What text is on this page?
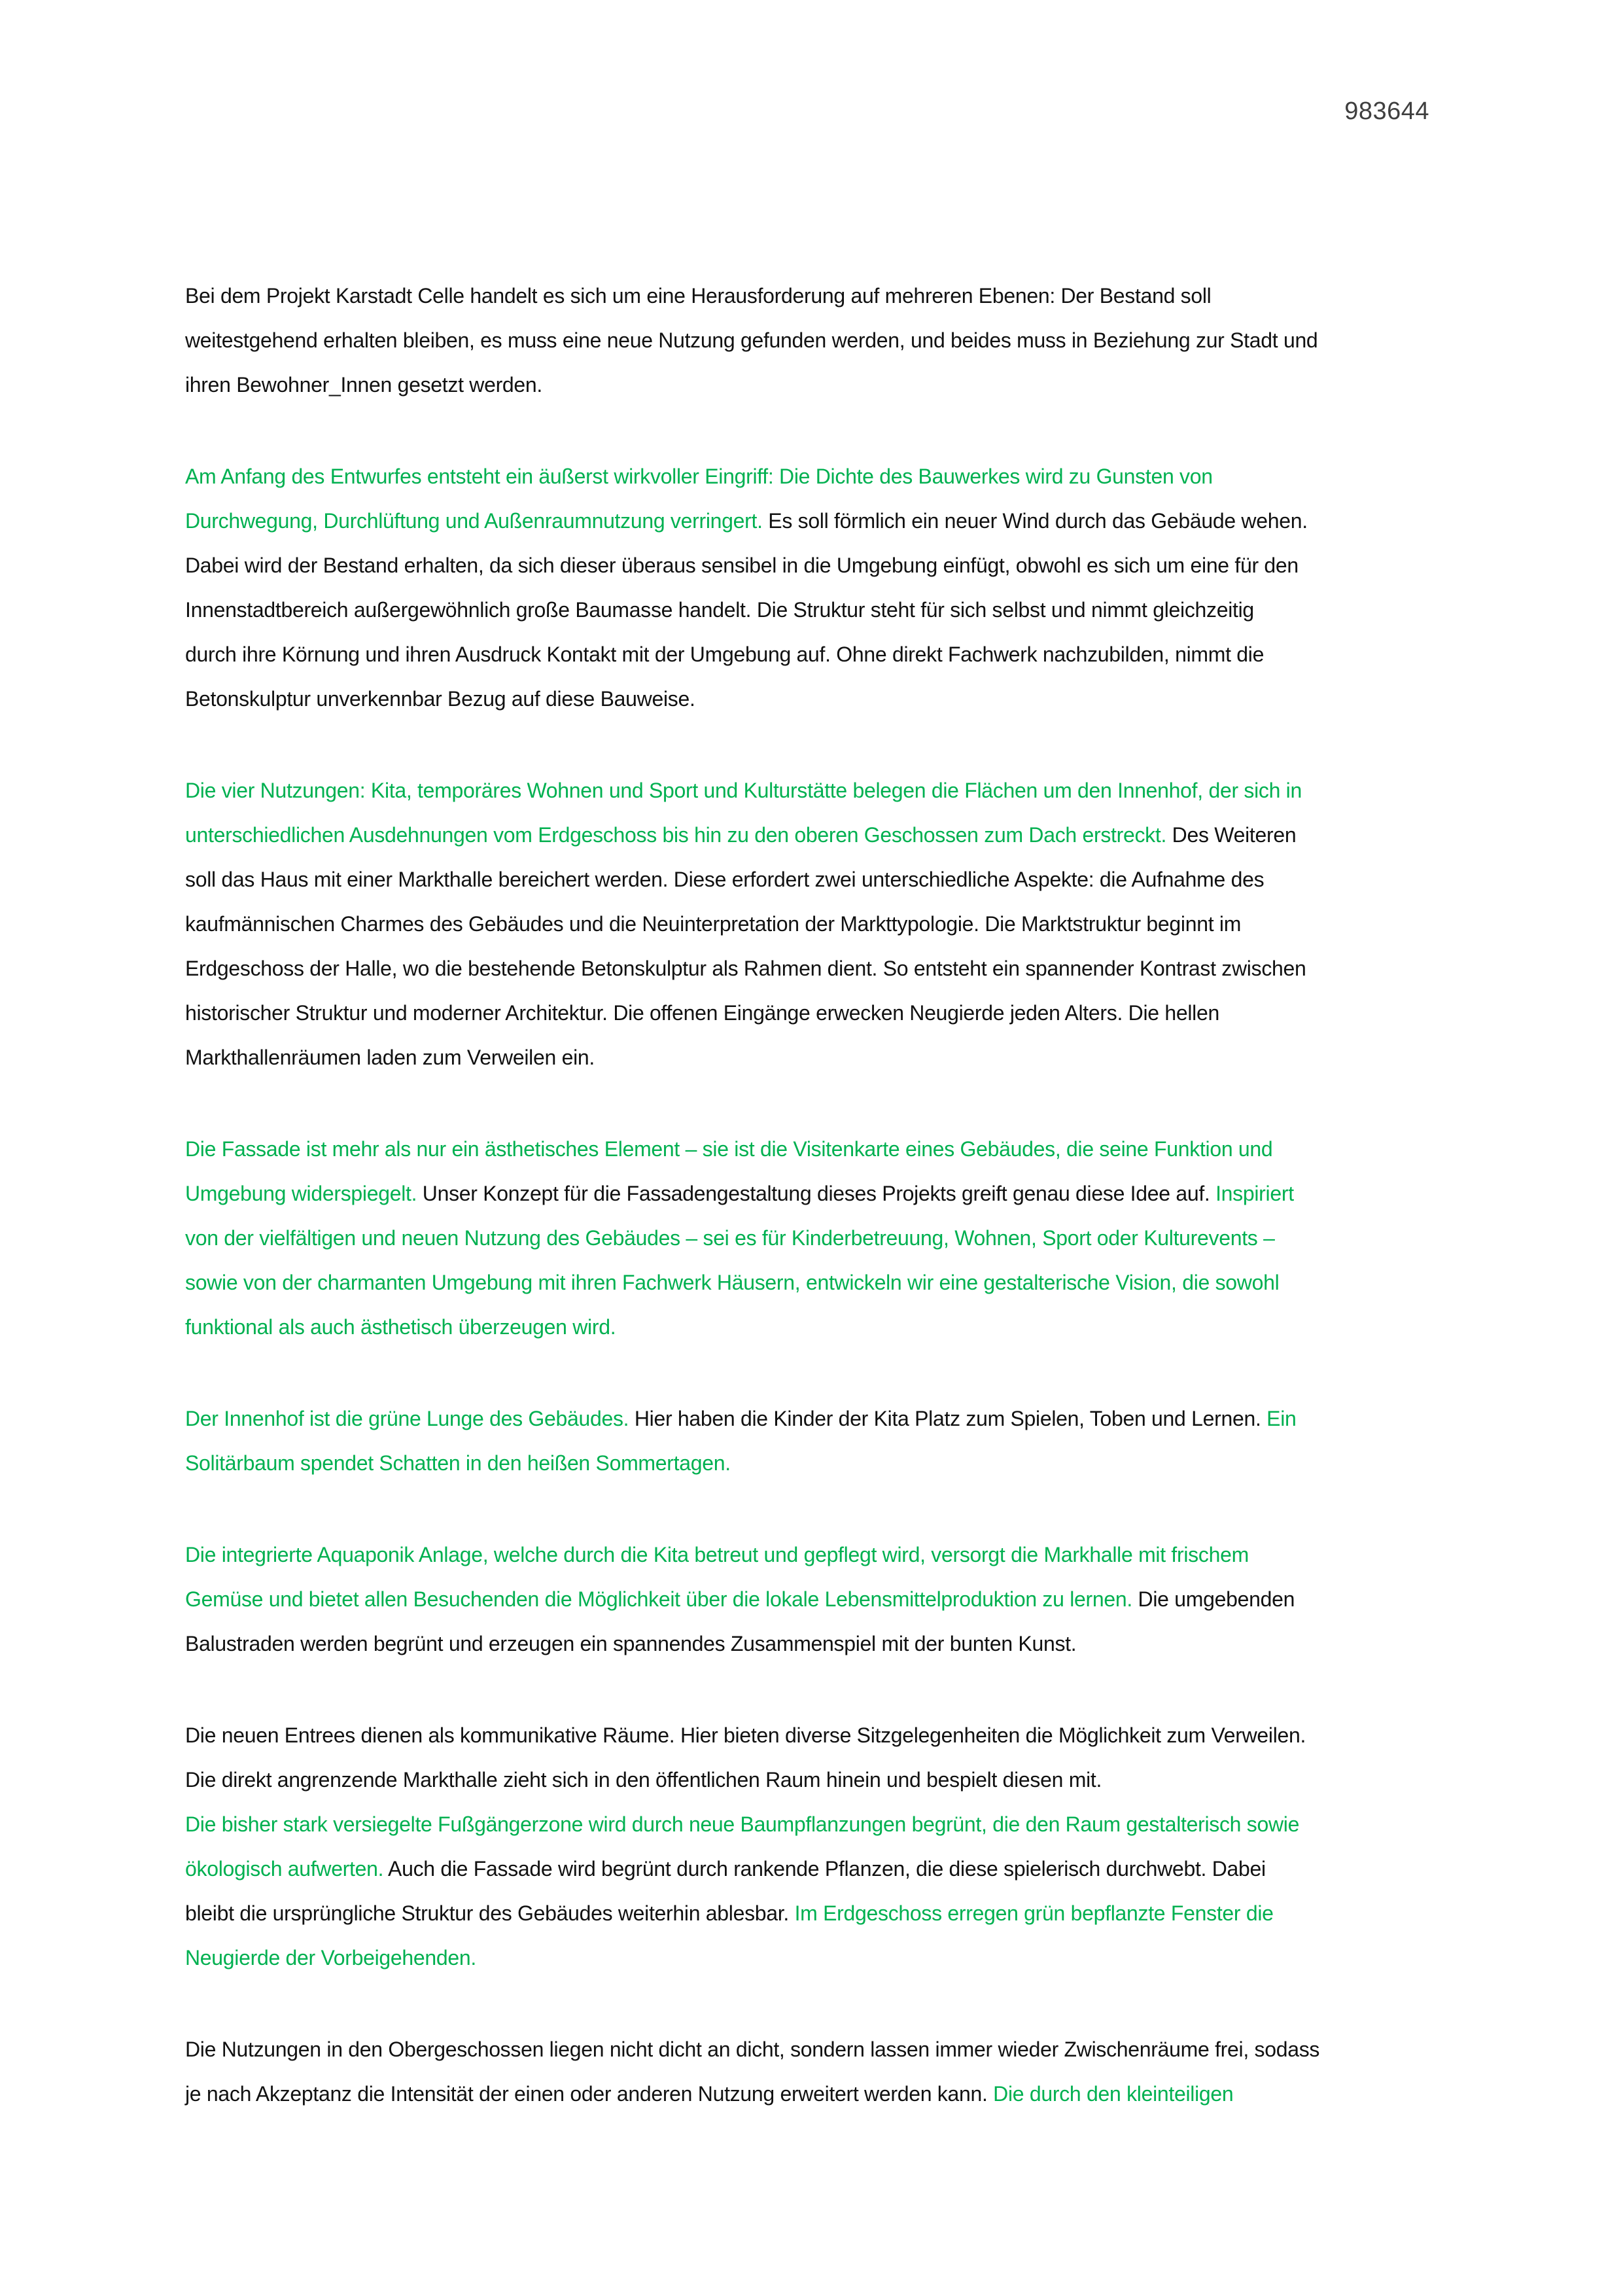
983644
Bei dem Projekt Karstadt Celle handelt es sich um eine Herausforderung auf mehreren Ebenen: Der Bestand soll
weitestgehend erhalten bleiben, es muss eine neue Nutzung gefunden werden, und beides muss in Beziehung zur Stadt und
ihren Bewohner_Innen gesetzt werden.
Am Anfang des Entwurfes entsteht ein äußerst wirkvoller Eingriff: Die Dichte des Bauwerkes wird zu Gunsten von
Durchwegung, Durchlüftung und Außenraumnutzung verringert. Es soll förmlich ein neuer Wind durch das Gebäude wehen.
Dabei wird der Bestand erhalten, da sich dieser überaus sensibel in die Umgebung einfügt, obwohl es sich um eine für den
Innenstadtbereich außergewöhnlich große Baumasse handelt. Die Struktur steht für sich selbst und nimmt gleichzeitig
durch ihre Körnung und ihren Ausdruck Kontakt mit der Umgebung auf. Ohne direkt Fachwerk nachzubilden, nimmt die
Betonskulptur unverkennbar Bezug auf diese Bauweise.
Die vier Nutzungen: Kita, temporäres Wohnen und Sport und Kulturstätte belegen die Flächen um den Innenhof, der sich in
unterschiedlichen Ausdehnungen vom Erdgeschoss bis hin zu den oberen Geschossen zum Dach erstreckt. Des Weiteren
soll das Haus mit einer Markthalle bereichert werden. Diese erfordert zwei unterschiedliche Aspekte: die Aufnahme des
kaufmännischen Charmes des Gebäudes und die Neuinterpretation der Markttypologie. Die Marktstruktur beginnt im
Erdgeschoss der Halle, wo die bestehende Betonskulptur als Rahmen dient. So entsteht ein spannender Kontrast zwischen
historischer Struktur und moderner Architektur. Die offenen Eingänge erwecken Neugierde jeden Alters. Die hellen
Markthallenräumen laden zum Verweilen ein.
Die Fassade ist mehr als nur ein ästhetisches Element – sie ist die Visitenkarte eines Gebäudes, die seine Funktion und
Umgebung widerspiegelt. Unser Konzept für die Fassadengestaltung dieses Projekts greift genau diese Idee auf. Inspiriert
von der vielfältigen und neuen Nutzung des Gebäudes – sei es für Kinderbetreuung, Wohnen, Sport oder Kulturevents –
sowie von der charmanten Umgebung mit ihren Fachwerk Häusern, entwickeln wir eine gestalterische Vision, die sowohl
funktional als auch ästhetisch überzeugen wird.
Der Innenhof ist die grüne Lunge des Gebäudes. Hier haben die Kinder der Kita Platz zum Spielen, Toben und Lernen. Ein
Solitärbaum spendet Schatten in den heißen Sommertagen.
Die integrierte Aquaponik Anlage, welche durch die Kita betreut und gepflegt wird, versorgt die Markhalle mit frischem
Gemüse und bietet allen Besuchenden die Möglichkeit über die lokale Lebensmittelproduktion zu lernen. Die umgebenden
Balustraden werden begrünt und erzeugen ein spannendes Zusammenspiel mit der bunten Kunst.
Die neuen Entrees dienen als kommunikative Räume. Hier bieten diverse Sitzgelegenheiten die Möglichkeit zum Verweilen.
Die direkt angrenzende Markthalle zieht sich in den öffentlichen Raum hinein und bespielt diesen mit.
Die bisher stark versiegelte Fußgängerzone wird durch neue Baumpflanzungen begrünt, die den Raum gestalterisch sowie
ökologisch aufwerten. Auch die Fassade wird begrünt durch rankende Pflanzen, die diese spielerisch durchwebt. Dabei
bleibt die ursprüngliche Struktur des Gebäudes weiterhin ablesbar. Im Erdgeschoss erregen grün bepflanzte Fenster die
Neugierde der Vorbeigehenden.
Die Nutzungen in den Obergeschossen liegen nicht dicht an dicht, sondern lassen immer wieder Zwischenräume frei, sodass
je nach Akzeptanz die Intensität der einen oder anderen Nutzung erweitert werden kann. Die durch den kleinteiligen
